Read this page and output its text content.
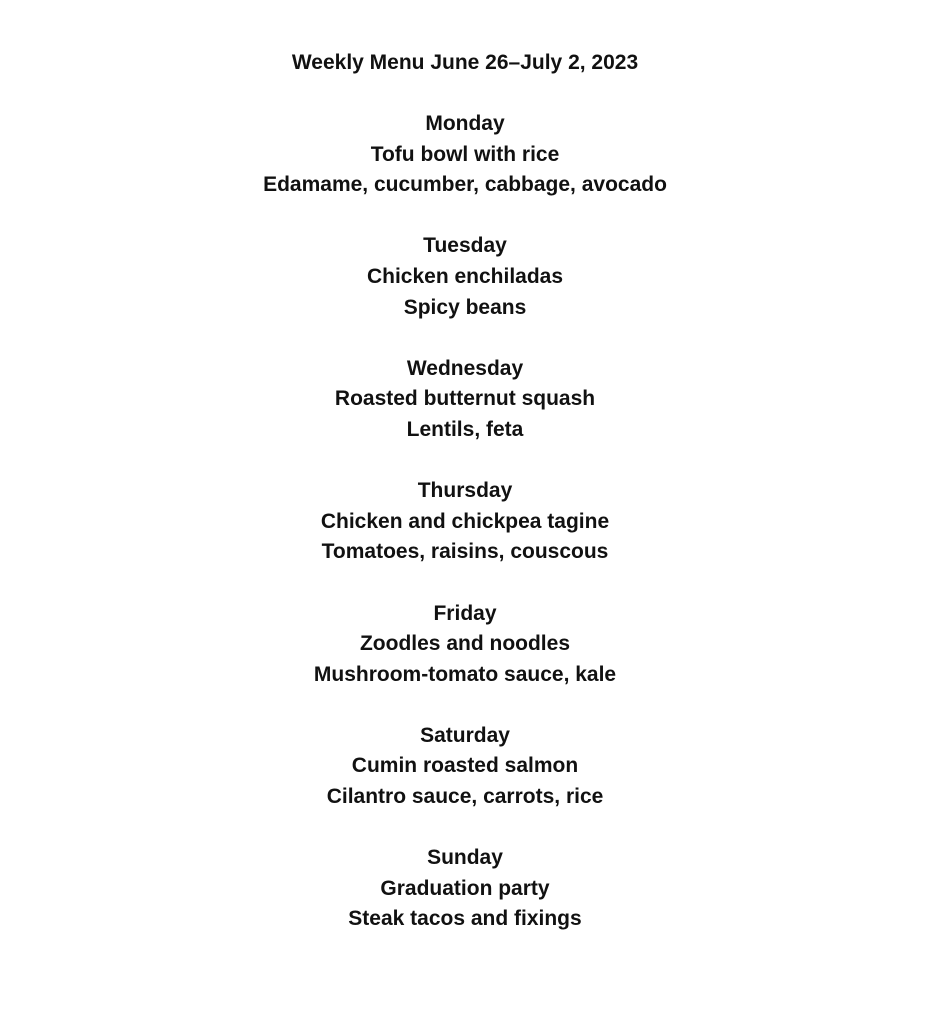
Weekly Menu June 26–July 2, 2023
Monday
Tofu bowl with rice
Edamame, cucumber, cabbage, avocado
Tuesday
Chicken enchiladas
Spicy beans
Wednesday
Roasted butternut squash
Lentils, feta
Thursday
Chicken and chickpea tagine
Tomatoes, raisins, couscous
Friday
Zoodles and noodles
Mushroom-tomato sauce, kale
Saturday
Cumin roasted salmon
Cilantro sauce, carrots, rice
Sunday
Graduation party
Steak tacos and fixings
